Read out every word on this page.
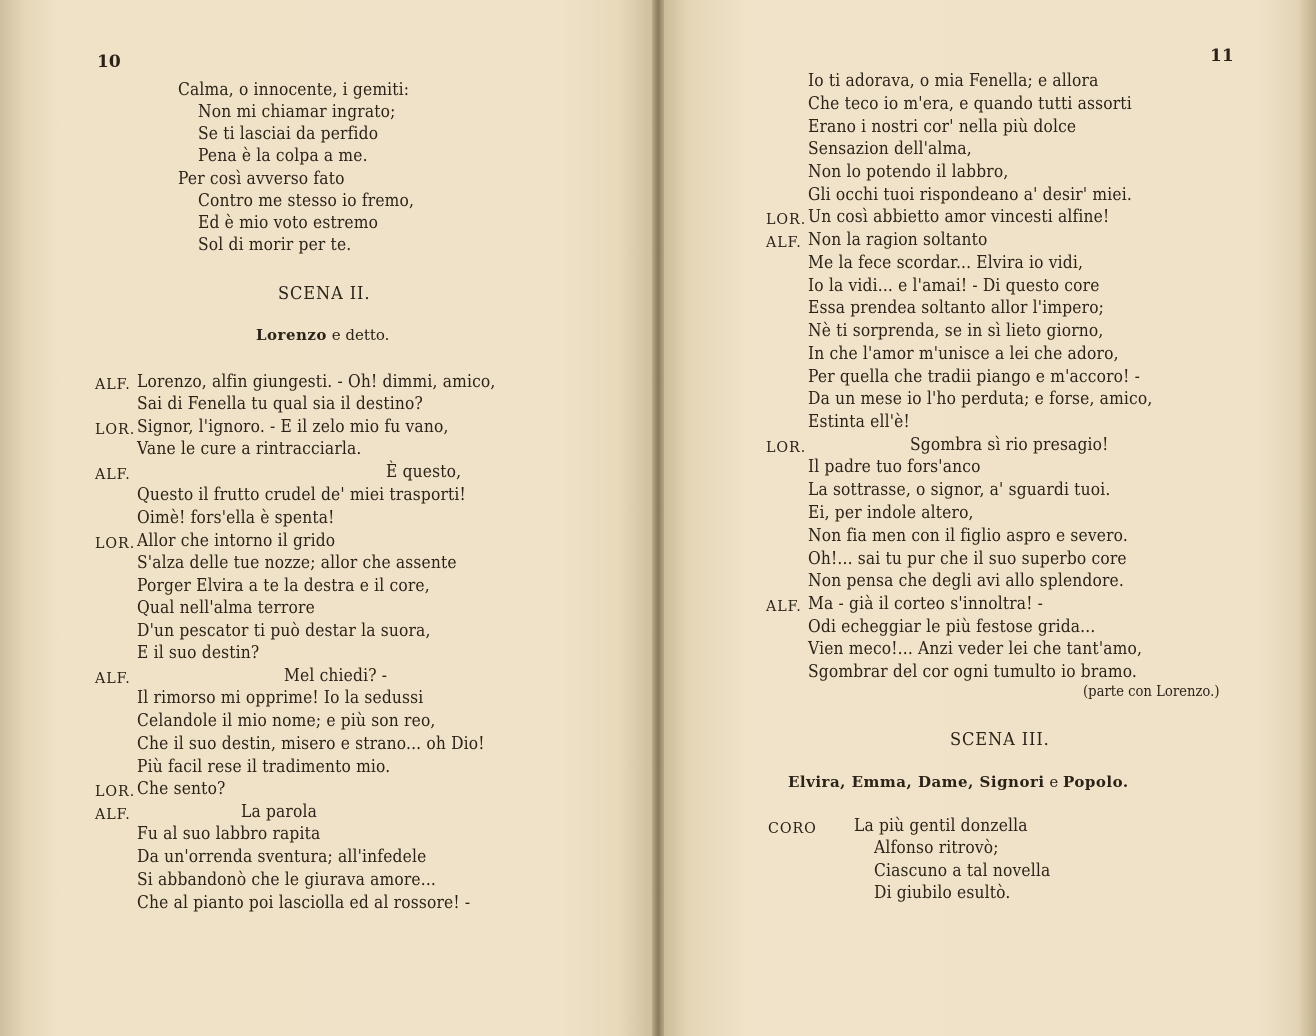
10
Calma, o innocente, i gemiti:
Non mi chiamar ingrato;
Se ti lasciai da perfido
Pena è la colpa a me.
Per così avverso fato
Contro me stesso io fremo,
Ed è mio voto estremo
Sol di morir per te.
SCENA II.
Lorenzo e detto.
ALF. Lorenzo, alfin giungesti. - Oh! dimmi, amico,
Sai di Fenella tu qual sia il destino?
LOR. Signor, l'ignoro. - E il zelo mio fu vano,
Vane le cure a rintracciarla.
ALF.	È questo,
Questo il frutto crudel de' miei trasporti!
Oimè! fors'ella è spenta!
LOR. Allor che intorno il grido
S'alza delle tue nozze; allor che assente
Porger Elvira a te la destra e il core,
Qual nell'alma terrore
D'un pescator ti può destar la suora,
E il suo destin?
ALF.	Mel chiedi? -
Il rimorso mi opprime! Io la sedussi
Celandole il mio nome; e più son reo,
Che il suo destin, misero e strano... oh Dio!
Più facil rese il tradimento mio.
LOR. Che sento?
ALF.	La parola
Fu al suo labbro rapita
Da un'orrenda sventura; all'infedele
Si abbandonò che le giurava amore...
Che al pianto poi lasciolla ed al rossore! -
11
Io ti adorava, o mia Fenella; e allora
Che teco io m'era, e quando tutti assorti
Erano i nostri cor' nella più dolce
Sensazion dell'alma,
Non lo potendo il labbro,
Gli occhi tuoi rispondeano a' desir' miei.
LOR. Un così abbietto amor vincesti alfine!
ALF. Non la ragion soltanto
Me la fece scordar... Elvira io vidi,
Io la vidi... e l'amai! - Di questo core
Essa prendea soltanto allor l'impero;
Nè ti sorprenda, se in sì lieto giorno,
In che l'amor m'unisce a lei che adoro,
Per quella che tradii piango e m'accoro! -
Da un mese io l'ho perduta; e forse, amico,
Estinta ell'è!
LOR.	Sgombra sì rio presagio!
Il padre tuo fors'anco
La sottrasse, o signor, a' sguardi tuoi.
Ei, per indole altero,
Non fia men con il figlio aspro e severo.
Oh!... sai tu pur che il suo superbo core
Non pensa che degli avi allo splendore.
ALF. Ma - già il corteo s'innoltra! -
Odi echeggiar le più festose grida...
Vien meco!... Anzi veder lei che tant'amo,
Sgombrar del cor ogni tumulto io bramo.
(parte con Lorenzo.)
SCENA III.
Elvira, Emma, Dame, Signori e Popolo.
CORO La più gentil donzella
Alfonso ritrovò;
Ciascuno a tal novella
Di giubilo esultò.
